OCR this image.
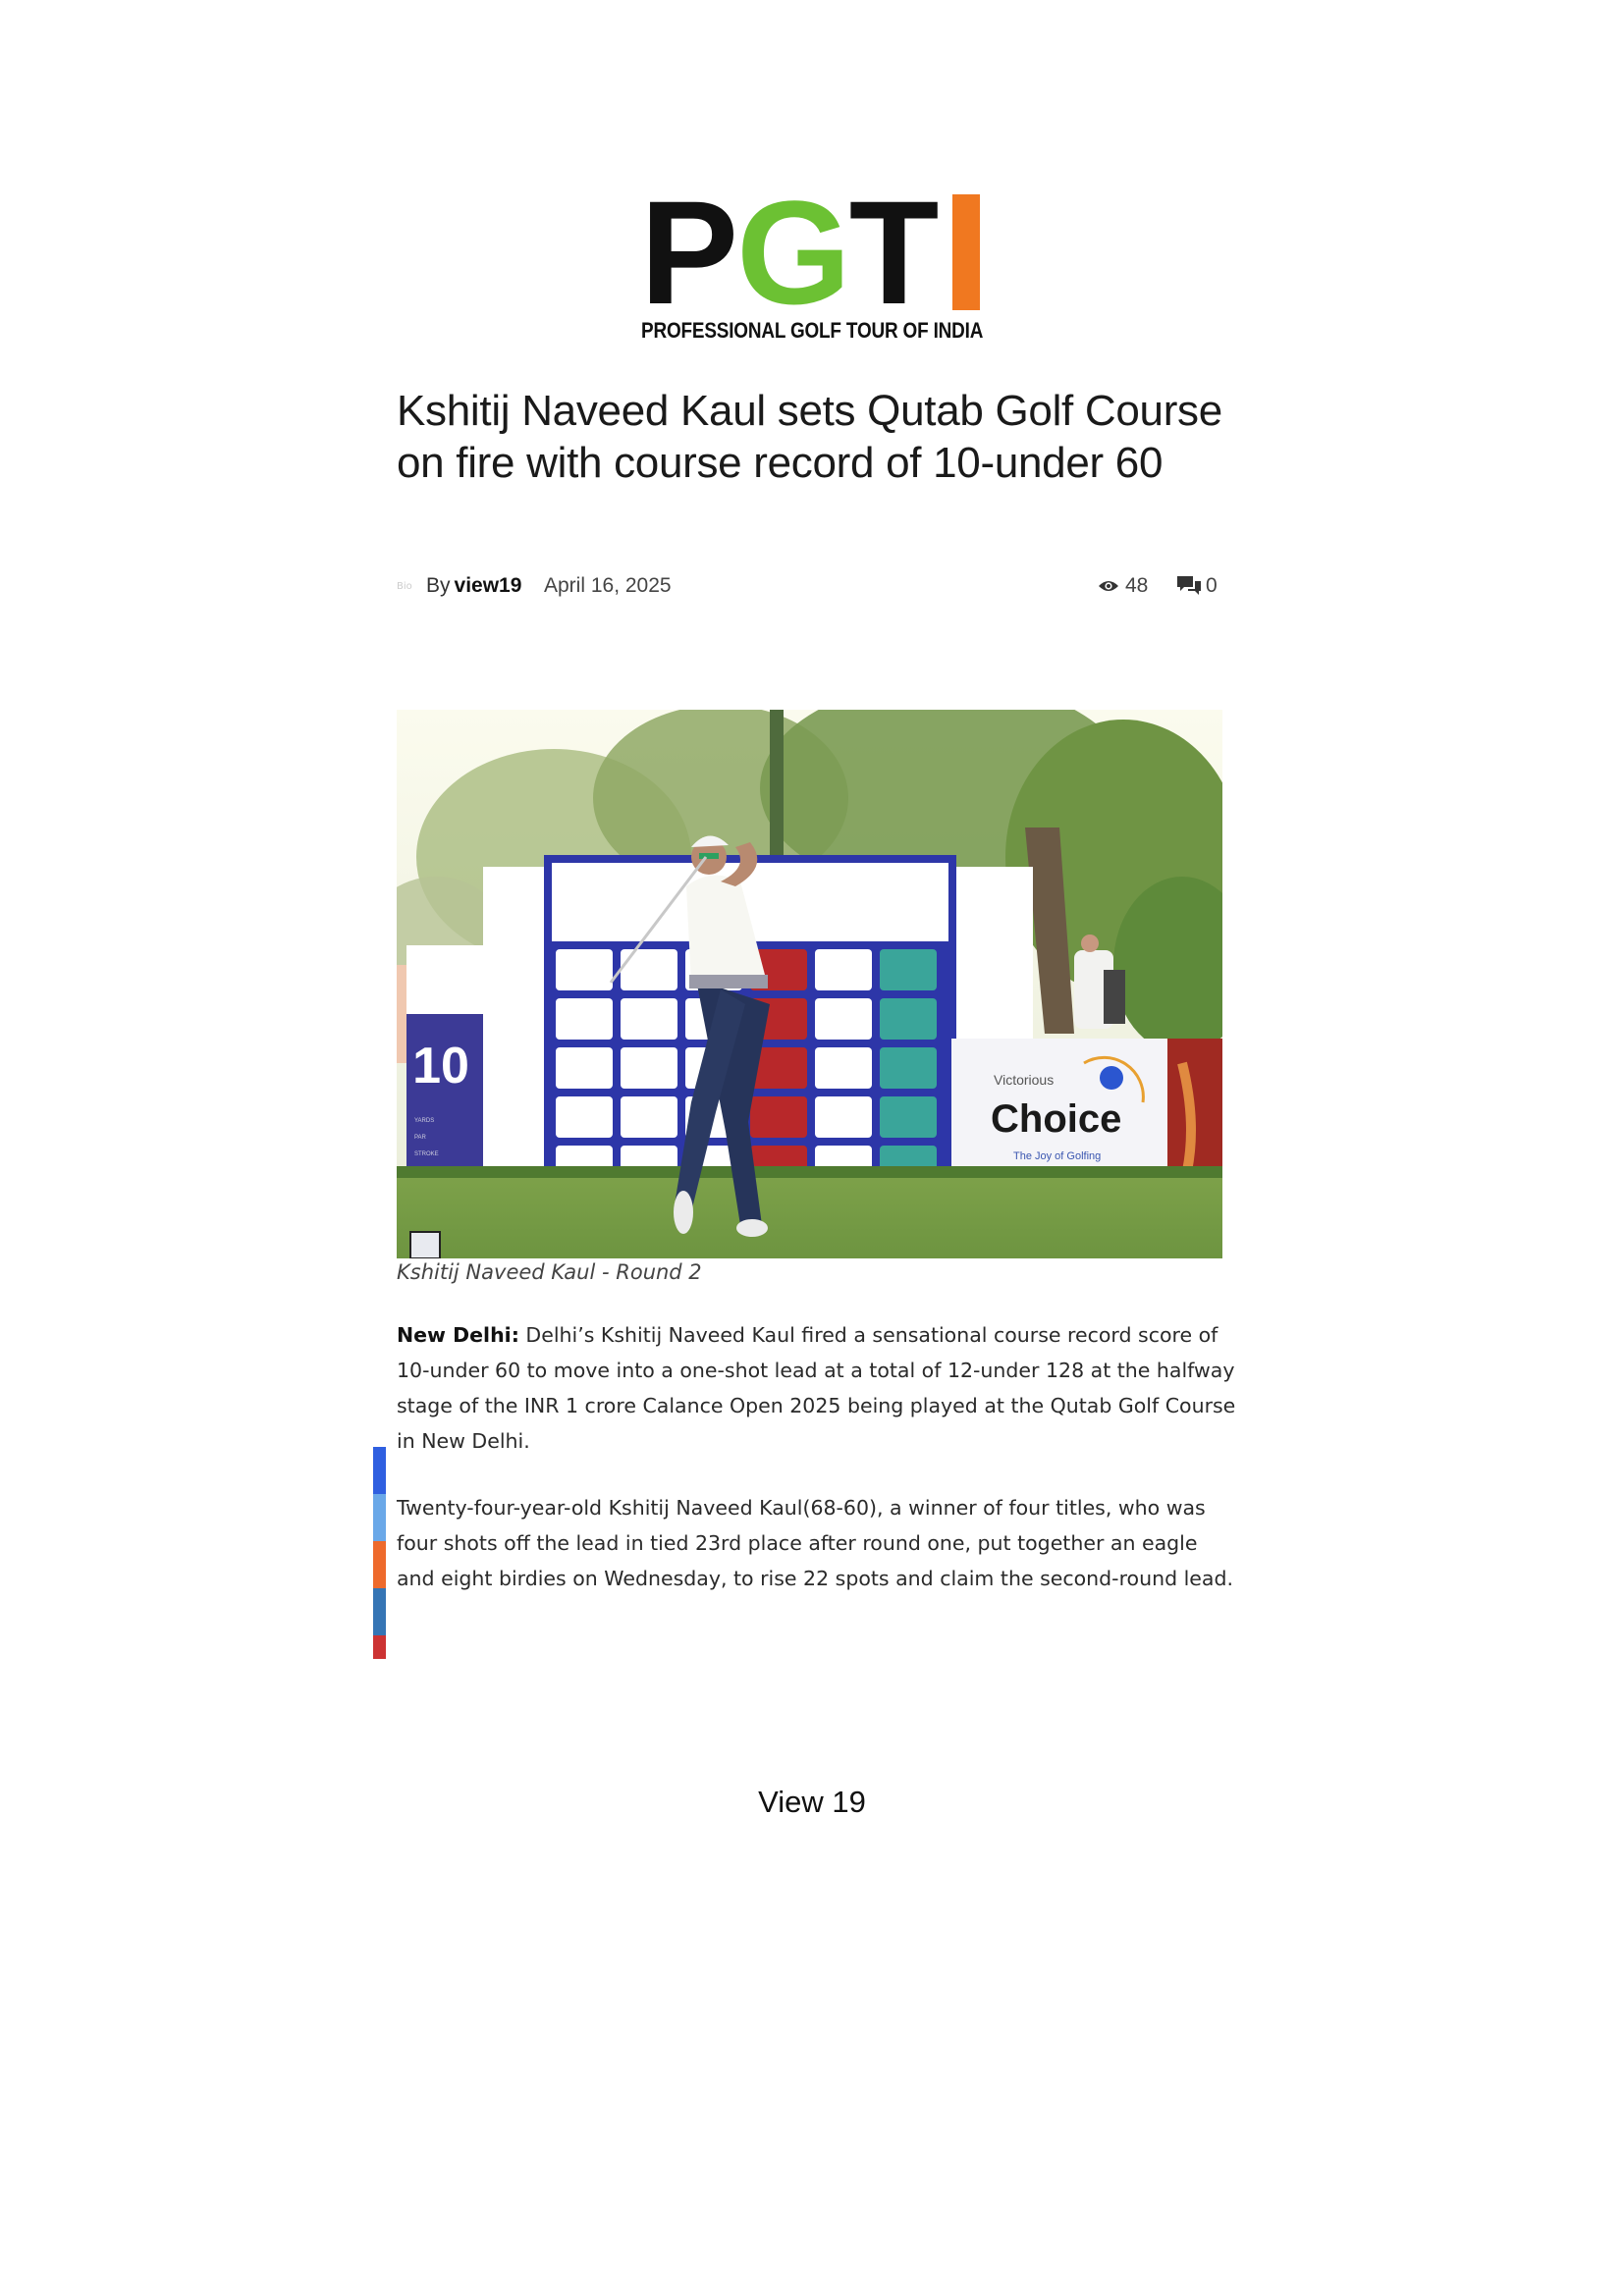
P G T
PROFESSIONAL GOLF TOUR OF INDIA
Kshitij Naveed Kaul sets Qutab Golf Course on fire with course record of 10-under 60
Bio By view19 April 16, 2025	48	0
10
YARDS
PAR
STROKE
Victorious
Choice
The Joy of Golfing
Kshitij Naveed Kaul - Round 2

New Delhi: Delhi’s Kshitij Naveed Kaul fired a sensational course record score of 10-under 60 to move into a one-shot lead at a total of 12-under 128 at the halfway stage of the INR 1 crore Calance Open 2025 being played at the Qutab Golf Course in New Delhi.

Twenty-four-year-old Kshitij Naveed Kaul(68-60), a winner of four titles, who was four shots off the lead in tied 23rd place after round one, put together an eagle and eight birdies on Wednesday, to rise 22 spots and claim the second-round lead.

View 19
